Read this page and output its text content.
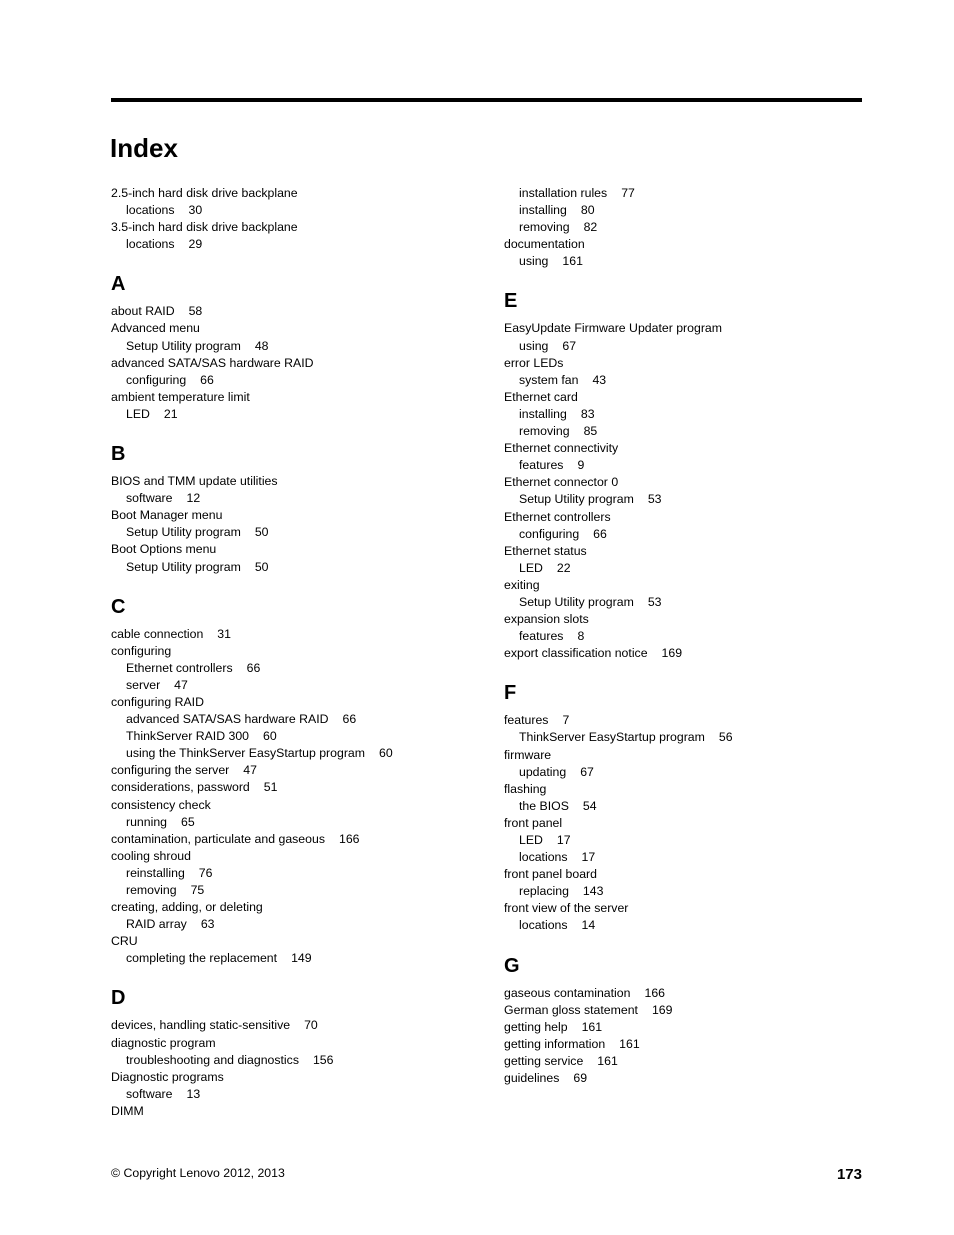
Index
2.5-inch hard disk drive backplane
locations 30
3.5-inch hard disk drive backplane
locations 29
A
about RAID 58
Advanced menu
Setup Utility program 48
advanced SATA/SAS hardware RAID
configuring 66
ambient temperature limit
LED 21
B
BIOS and TMM update utilities
software 12
Boot Manager menu
Setup Utility program 50
Boot Options menu
Setup Utility program 50
C
cable connection 31
configuring
Ethernet controllers 66
server 47
configuring RAID
advanced SATA/SAS hardware RAID 66
ThinkServer RAID 300 60
using the ThinkServer EasyStartup program 60
configuring the server 47
considerations, password 51
consistency check
running 65
contamination, particulate and gaseous 166
cooling shroud
reinstalling 76
removing 75
creating, adding, or deleting
RAID array 63
CRU
completing the replacement 149
D
devices, handling static-sensitive 70
diagnostic program
troubleshooting and diagnostics 156
Diagnostic programs
software 13
DIMM
installation rules 77
installing 80
removing 82
documentation
using 161
E
EasyUpdate Firmware Updater program
using 67
error LEDs
system fan 43
Ethernet card
installing 83
removing 85
Ethernet connectivity
features 9
Ethernet connector 0
Setup Utility program 53
Ethernet controllers
configuring 66
Ethernet status
LED 22
exiting
Setup Utility program 53
expansion slots
features 8
export classification notice 169
F
features 7
ThinkServer EasyStartup program 56
firmware
updating 67
flashing
the BIOS 54
front panel
LED 17
locations 17
front panel board
replacing 143
front view of the server
locations 14
G
gaseous contamination 166
German gloss statement 169
getting help 161
getting information 161
getting service 161
guidelines 69
© Copyright Lenovo 2012, 2013	173
